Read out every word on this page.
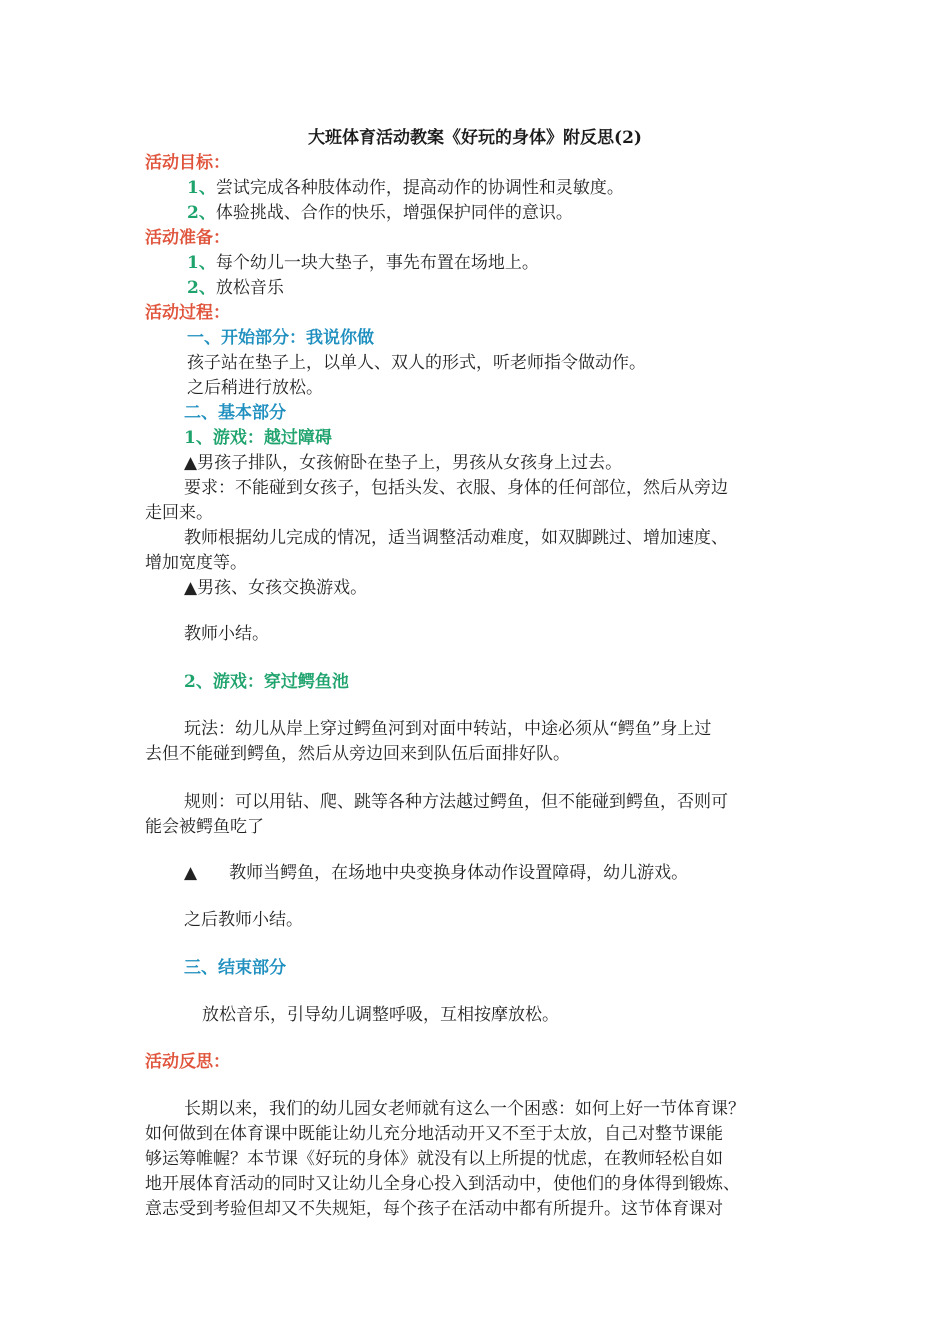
大班体育活动教案《好玩的身体》附反思(2)
活动目标：
1、尝试完成各种肢体动作，提高动作的协调性和灵敏度。
2、体验挑战、合作的快乐，增强保护同伴的意识。
活动准备：
1、每个幼儿一块大垫子，事先布置在场地上。
2、放松音乐
活动过程：
一、开始部分：我说你做
孩子站在垫子上，以单人、双人的形式，听老师指令做动作。
之后稍进行放松。
二、基本部分
1、游戏：越过障碍
▲男孩子排队，女孩俯卧在垫子上，男孩从女孩身上过去。
要求：不能碰到女孩子，包括头发、衣服、身体的任何部位，然后从旁边
走回来。
教师根据幼儿完成的情况，适当调整活动难度，如双脚跳过、增加速度、
增加宽度等。
▲男孩、女孩交换游戏。
教师小结。
2、游戏：穿过鳄鱼池
玩法：幼儿从岸上穿过鳄鱼河到对面中转站，中途必须从“鳄鱼”身上过
去但不能碰到鳄鱼，然后从旁边回来到队伍后面排好队。
规则：可以用钻、爬、跳等各种方法越过鳄鱼，但不能碰到鳄鱼，否则可
能会被鳄鱼吃了
▲ 教师当鳄鱼，在场地中央变换身体动作设置障碍，幼儿游戏。
之后教师小结。
三、结束部分
放松音乐，引导幼儿调整呼吸，互相按摩放松。
活动反思：
长期以来，我们的幼儿园女老师就有这么一个困惑：如何上好一节体育课？
如何做到在体育课中既能让幼儿充分地活动开又不至于太放，自己对整节课能
够运筹帷幄？本节课《好玩的身体》就没有以上所提的忧虑，在教师轻松自如
地开展体育活动的同时又让幼儿全身心投入到活动中，使他们的身体得到锻炼、
意志受到考验但却又不失规矩，每个孩子在活动中都有所提升。这节体育课对
